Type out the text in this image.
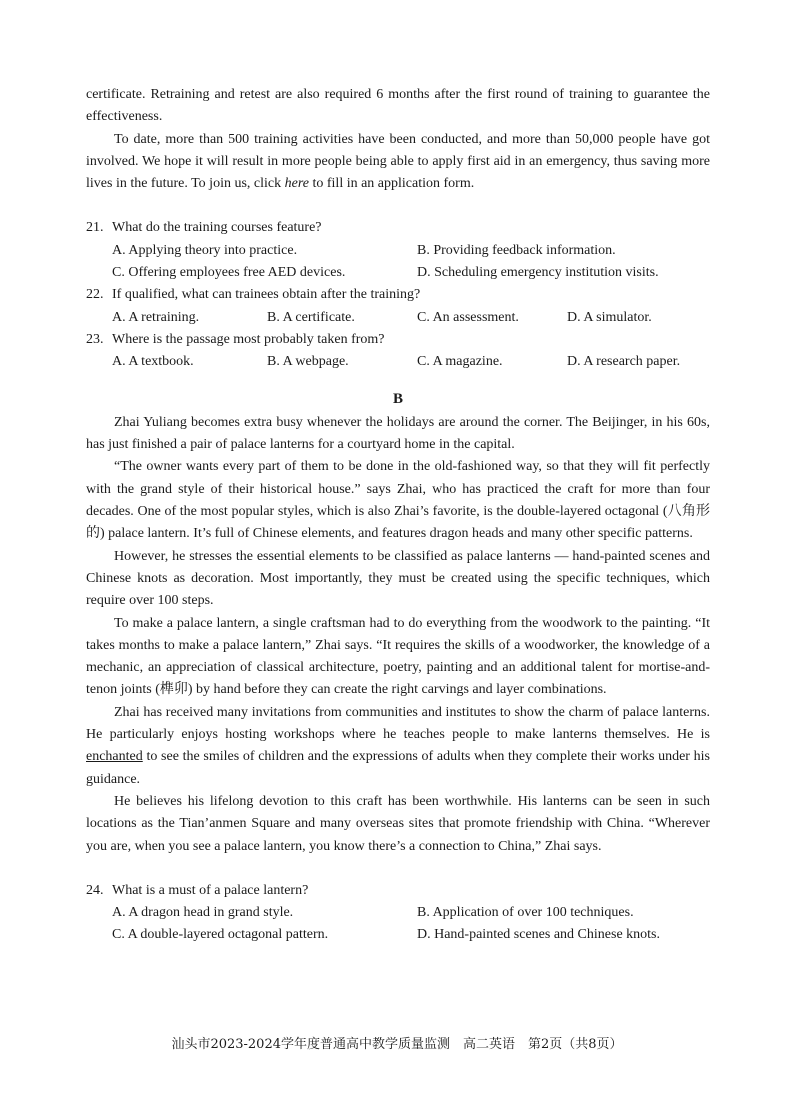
certificate. Retraining and retest are also required 6 months after the first round of training to guarantee the effectiveness.

To date, more than 500 training activities have been conducted, and more than 50,000 people have got involved. We hope it will result in more people being able to apply first aid in an emergency, thus saving more lives in the future. To join us, click here to fill in an application form.

21. What do the training courses feature?
A. Applying theory into practice.	B. Providing feedback information.
C. Offering employees free AED devices.	D. Scheduling emergency institution visits.
22. If qualified, what can trainees obtain after the training?
A. A retraining.	B. A certificate.	C. An assessment.	D. A simulator.
23. Where is the passage most probably taken from?
A. A textbook.	B. A webpage.	C. A magazine.	D. A research paper.
B

Zhai Yuliang becomes extra busy whenever the holidays are around the corner. The Beijinger, in his 60s, has just finished a pair of palace lanterns for a courtyard home in the capital.

“The owner wants every part of them to be done in the old-fashioned way, so that they will fit perfectly with the grand style of their historical house.” says Zhai, who has practiced the craft for more than four decades. One of the most popular styles, which is also Zhai’s favorite, is the double-layered octagonal (八角形的) palace lantern. It’s full of Chinese elements, and features dragon heads and many other specific patterns.

However, he stresses the essential elements to be classified as palace lanterns — hand-painted scenes and Chinese knots as decoration. Most importantly, they must be created using the specific techniques, which require over 100 steps.

To make a palace lantern, a single craftsman had to do everything from the woodwork to the painting. “It takes months to make a palace lantern,” Zhai says. “It requires the skills of a woodworker, the knowledge of a mechanic, an appreciation of classical architecture, poetry, painting and an additional talent for mortise-and-tenon joints (榫卯) by hand before they can create the right carvings and layer combinations.

Zhai has received many invitations from communities and institutes to show the charm of palace lanterns. He particularly enjoys hosting workshops where he teaches people to make lanterns themselves. He is enchanted to see the smiles of children and the expressions of adults when they complete their works under his guidance.

He believes his lifelong devotion to this craft has been worthwhile. His lanterns can be seen in such locations as the Tian’anmen Square and many overseas sites that promote friendship with China. “Wherever you are, when you see a palace lantern, you know there’s a connection to China,” Zhai says.

24. What is a must of a palace lantern?
A. A dragon head in grand style.	B. Application of over 100 techniques.
C. A double-layered octagonal pattern.	D. Hand-painted scenes and Chinese knots.
汕头市2023-2024学年度普通高中教学质量监测　高二英语　第2页（共8页）
